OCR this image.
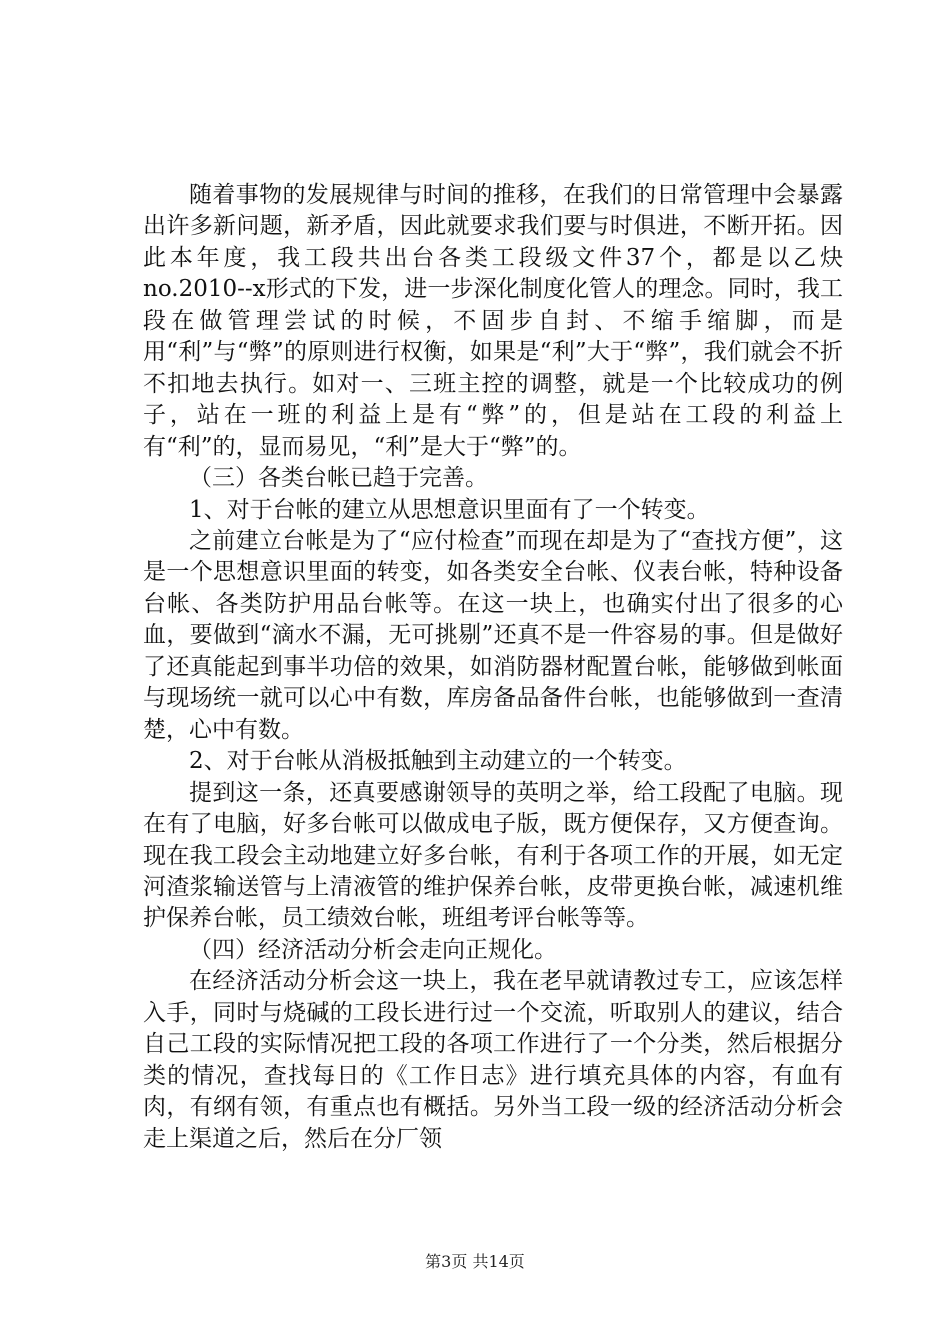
随着事物的发展规律与时间的推移，在我们的日常管理中会暴露出许多新问题，新矛盾，因此就要求我们要与时俱进，不断开拓。因此本年度，我工段共出台各类工段级文件37个，都是以乙炔no.2010--x形式的下发，进一步深化制度化管人的理念。同时，我工段在做管理尝试的时候，不固步自封、不缩手缩脚，而是用“利”与“弊”的原则进行权衡，如果是“利”大于“弊”，我们就会不折不扣地去执行。如对一、三班主控的调整，就是一个比较成功的例子，站在一班的利益上是有“弊”的，但是站在工段的利益上有“利”的，显而易见，“利”是大于“弊”的。

（三）各类台帐已趋于完善。

1、对于台帐的建立从思想意识里面有了一个转变。

之前建立台帐是为了“应付检查”而现在却是为了“查找方便”，这是一个思想意识里面的转变，如各类安全台帐、仪表台帐，特种设备台帐、各类防护用品台帐等。在这一块上，也确实付出了很多的心血，要做到“滴水不漏，无可挑剔”还真不是一件容易的事。但是做好了还真能起到事半功倍的效果，如消防器材配置台帐，能够做到帐面与现场统一就可以心中有数，库房备品备件台帐，也能够做到一查清楚，心中有数。

2、对于台帐从消极抵触到主动建立的一个转变。

提到这一条，还真要感谢领导的英明之举，给工段配了电脑。现在有了电脑，好多台帐可以做成电子版，既方便保存，又方便查询。现在我工段会主动地建立好多台帐，有利于各项工作的开展，如无定河渣浆输送管与上清液管的维护保养台帐，皮带更换台帐，减速机维护保养台帐，员工绩效台帐，班组考评台帐等等。

（四）经济活动分析会走向正规化。

在经济活动分析会这一块上，我在老早就请教过专工，应该怎样入手，同时与烧碱的工段长进行过一个交流，听取别人的建议，结合自己工段的实际情况把工段的各项工作进行了一个分类，然后根据分类的情况，查找每日的《工作日志》进行填充具体的内容，有血有肉，有纲有领，有重点也有概括。另外当工段一级的经济活动分析会走上渠道之后，然后在分厂领

第3页 共14页
